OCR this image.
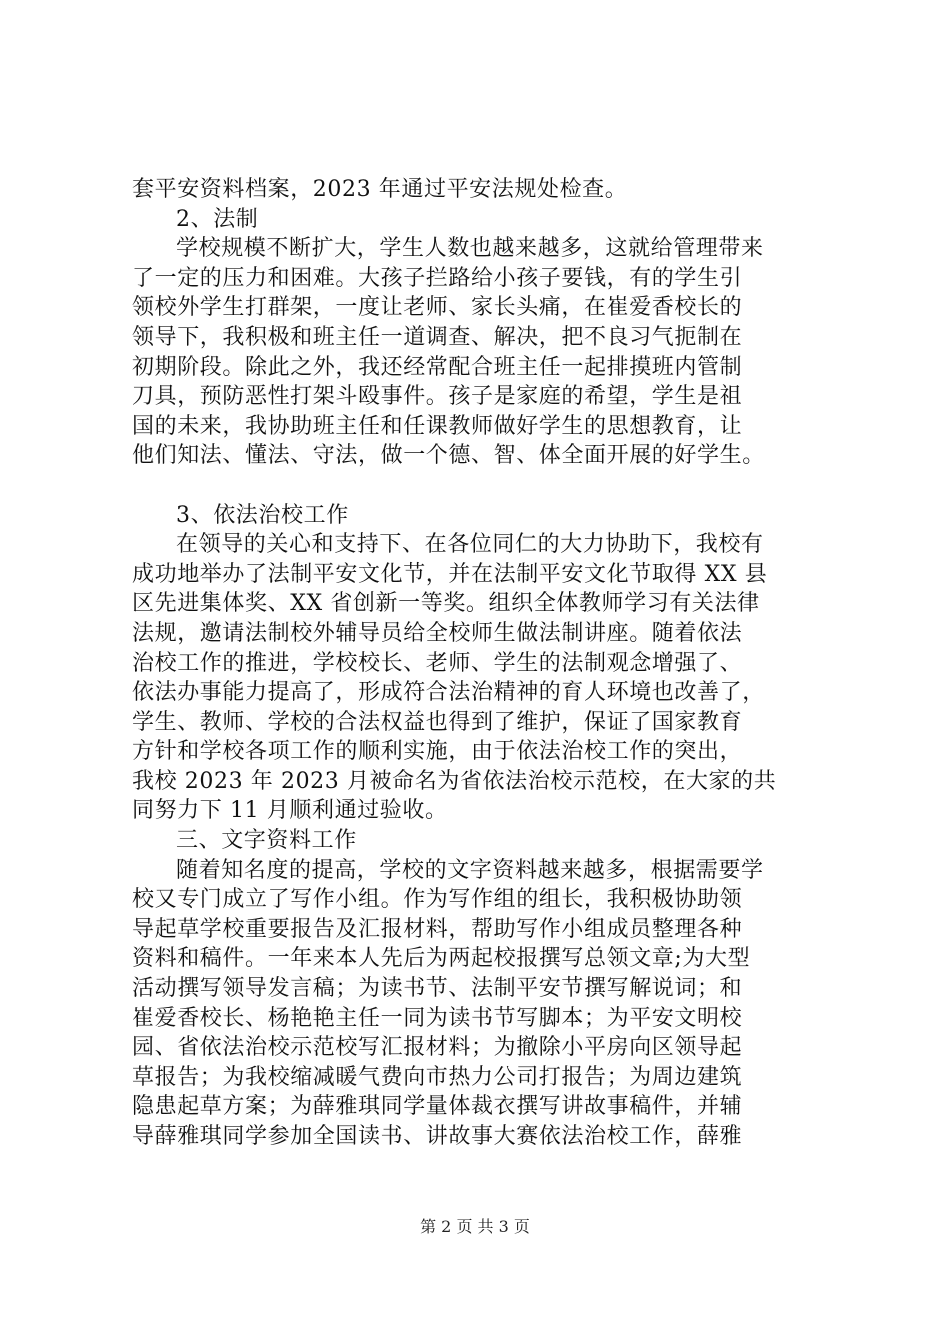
套平安资料档案，2023 年通过平安法规处检查。
2、法制
学校规模不断扩大，学生人数也越来越多，这就给管理带来
了一定的压力和困难。大孩子拦路给小孩子要钱，有的学生引
领校外学生打群架，一度让老师、家长头痛，在崔爱香校长的
领导下，我积极和班主任一道调查、解决，把不良习气扼制在
初期阶段。除此之外，我还经常配合班主任一起排摸班内管制
刀具，预防恶性打架斗殴事件。孩子是家庭的希望，学生是祖
国的未来，我协助班主任和任课教师做好学生的思想教育，让
他们知法、懂法、守法，做一个德、智、体全面开展的好学生。
3、依法治校工作
在领导的关心和支持下、在各位同仁的大力协助下，我校有
成功地举办了法制平安文化节，并在法制平安文化节取得 XX 县
区先进集体奖、XX 省创新一等奖。组织全体教师学习有关法律
法规，邀请法制校外辅导员给全校师生做法制讲座。随着依法
治校工作的推进，学校校长、老师、学生的法制观念增强了、
依法办事能力提高了，形成符合法治精神的育人环境也改善了，
学生、教师、学校的合法权益也得到了维护，保证了国家教育
方针和学校各项工作的顺利实施，由于依法治校工作的突出，
我校 2023 年 2023 月被命名为省依法治校示范校，在大家的共
同努力下 11 月顺利通过验收。
三、文字资料工作
随着知名度的提高，学校的文字资料越来越多，根据需要学
校又专门成立了写作小组。作为写作组的组长，我积极协助领
导起草学校重要报告及汇报材料，帮助写作小组成员整理各种
资料和稿件。一年来本人先后为两起校报撰写总领文章;为大型
活动撰写领导发言稿；为读书节、法制平安节撰写解说词；和
崔爱香校长、杨艳艳主任一同为读书节写脚本；为平安文明校
园、省依法治校示范校写汇报材料；为撤除小平房向区领导起
草报告；为我校缩减暖气费向市热力公司打报告；为周边建筑
隐患起草方案；为薛雅琪同学量体裁衣撰写讲故事稿件，并辅
导薛雅琪同学参加全国读书、讲故事大赛依法治校工作，薛雅
第 2 页 共 3 页
